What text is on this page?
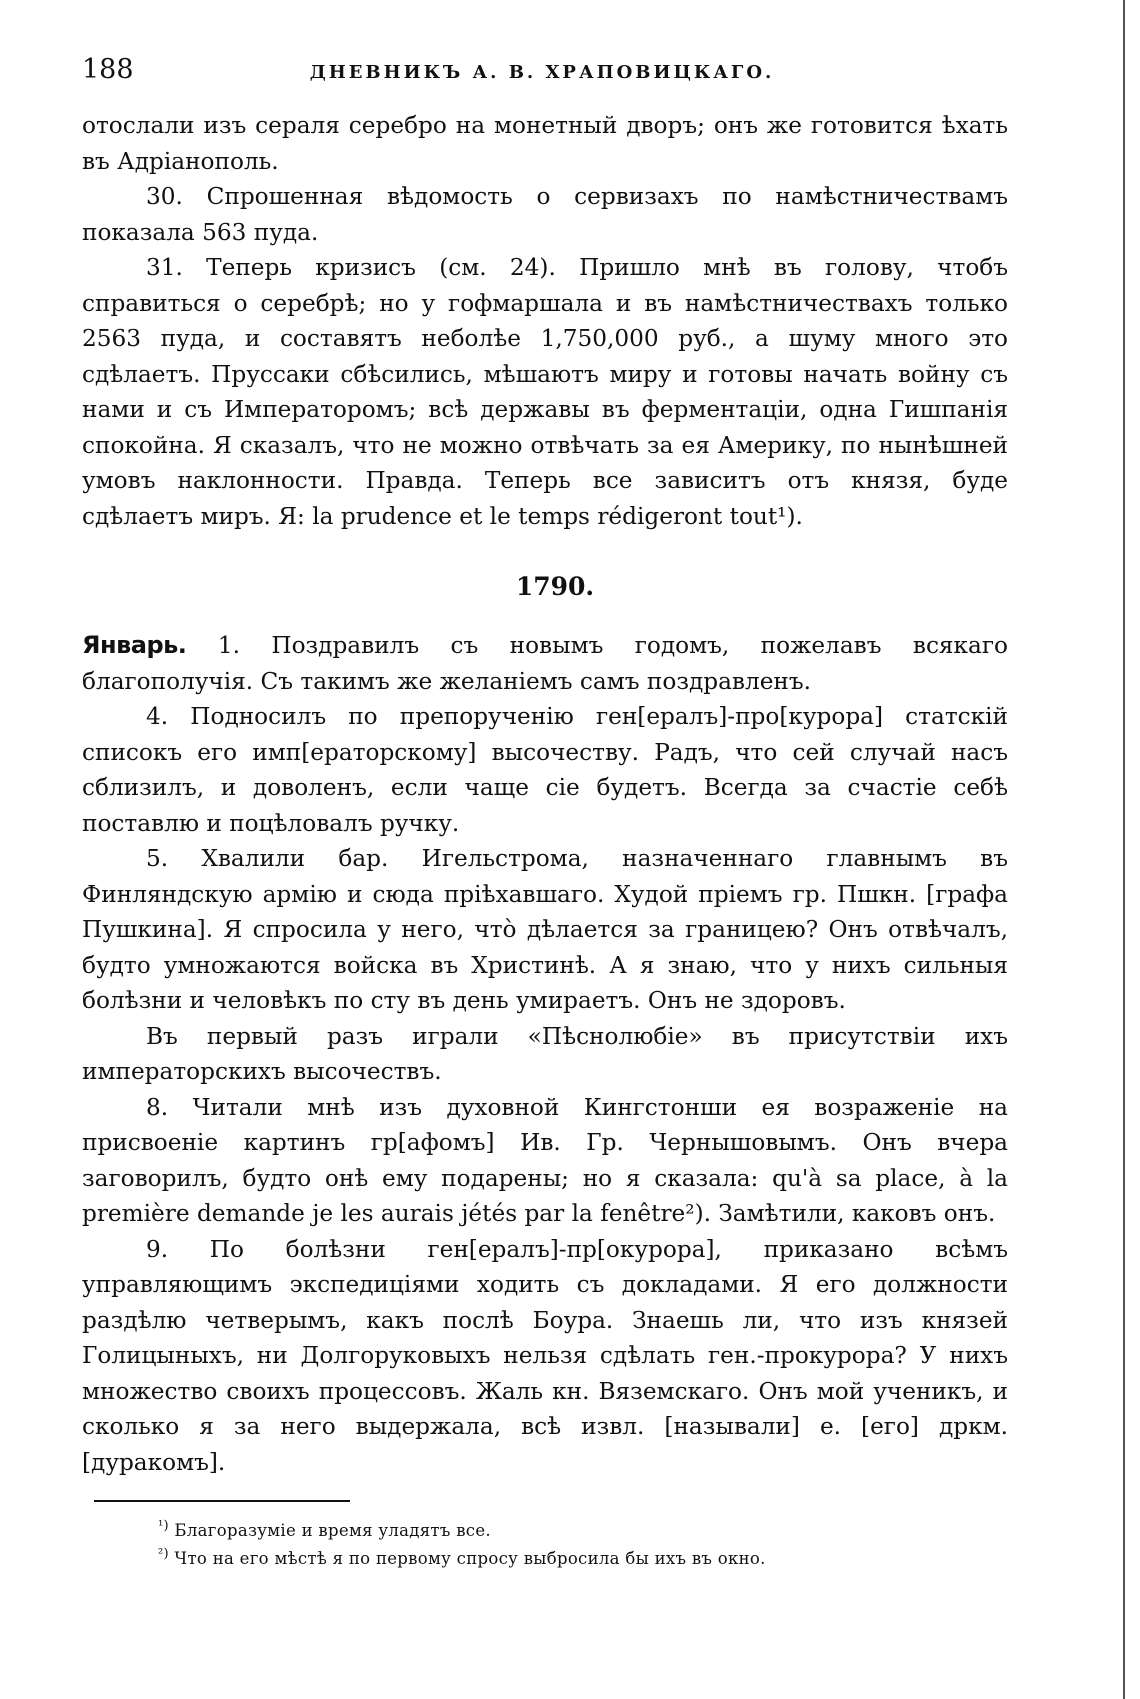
188	ДНЕВНИКЪ А. В. ХРАПОВИЦКАГО.

отослали изъ сераля серебро на монетный дворъ; онъ же готовится ѣхать въ Адріанополь.

30. Спрошенная вѣдомость о сервизахъ по намѣстничествамъ показала 563 пуда.

31. Теперь кризисъ (см. 24). Пришло мнѣ въ голову, чтобъ справиться о серебрѣ; но у гофмаршала и въ намѣстничествахъ только 2563 пуда, и составятъ неболѣе 1,750,000 руб., а шуму много это сдѣлаетъ. Пруссаки сбѣсились, мѣшаютъ миру и готовы начать войну съ нами и съ Императоромъ; всѣ державы въ ферментаціи, одна Гишпанія спокойна. Я сказалъ, что не можно отвѣчать за ея Америку, по нынѣшней умовъ наклонности. Правда. Теперь все зависитъ отъ князя, буде сдѣлаетъ миръ. Я: la prudence et le temps rédigeront tout¹).

1790.

Январь. 1. Поздравилъ съ новымъ годомъ, пожелавъ всякаго благополучія. Съ такимъ же желаніемъ самъ поздравленъ.

4. Подносилъ по препорученію ген[ералъ]-про[курора] статскій списокъ его имп[ераторскому] высочеству. Радъ, что сей случай насъ сблизилъ, и доволенъ, если чаще сіе будетъ. Всегда за счастіе себѣ поставлю и поцѣловалъ ручку.

5. Хвалили бар. Игельстрома, назначеннаго главнымъ въ Финляндскую армію и сюда пріѣхавшаго. Худой пріемъ гр. Пшкн. [графа Пушкина]. Я спросила у него, что̀ дѣлается за границею? Онъ отвѣчалъ, будто умножаются войска въ Христинѣ. А я знаю, что у нихъ сильныя болѣзни и человѣкъ по сту въ день умираетъ. Онъ не здоровъ.

Въ первый разъ играли «Пѣснолюбіе» въ присутствіи ихъ императорскихъ высочествъ.

8. Читали мнѣ изъ духовной Кингстонши ея возраженіе на присвоеніе картинъ гр[афомъ] Ив. Гр. Чернышовымъ. Онъ вчера заговорилъ, будто онѣ ему подарены; но я сказала: qu'à sa place, à la première demande je les aurais jétés par la fenêtre²). Замѣтили, каковъ онъ.

9. По болѣзни ген[ералъ]-пр[окурора], приказано всѣмъ управляющимъ экспедиціями ходить съ докладами. Я его должности раздѣлю четверымъ, какъ послѣ Боура. Знаешь ли, что изъ князей Голицыныхъ, ни Долгоруковыхъ нельзя сдѣлать ген.-прокурора? У нихъ множество своихъ процессовъ. Жаль кн. Вяземскаго. Онъ мой ученикъ, и сколько я за него выдержала, всѣ извл. [называли] е. [его] дркм. [дуракомъ].

$^{^1)}$ Благоразуміе и время уладятъ все.

$^{^2)}$ Что на его мѣстѣ я по первому спросу выбросила бы ихъ въ окно.
